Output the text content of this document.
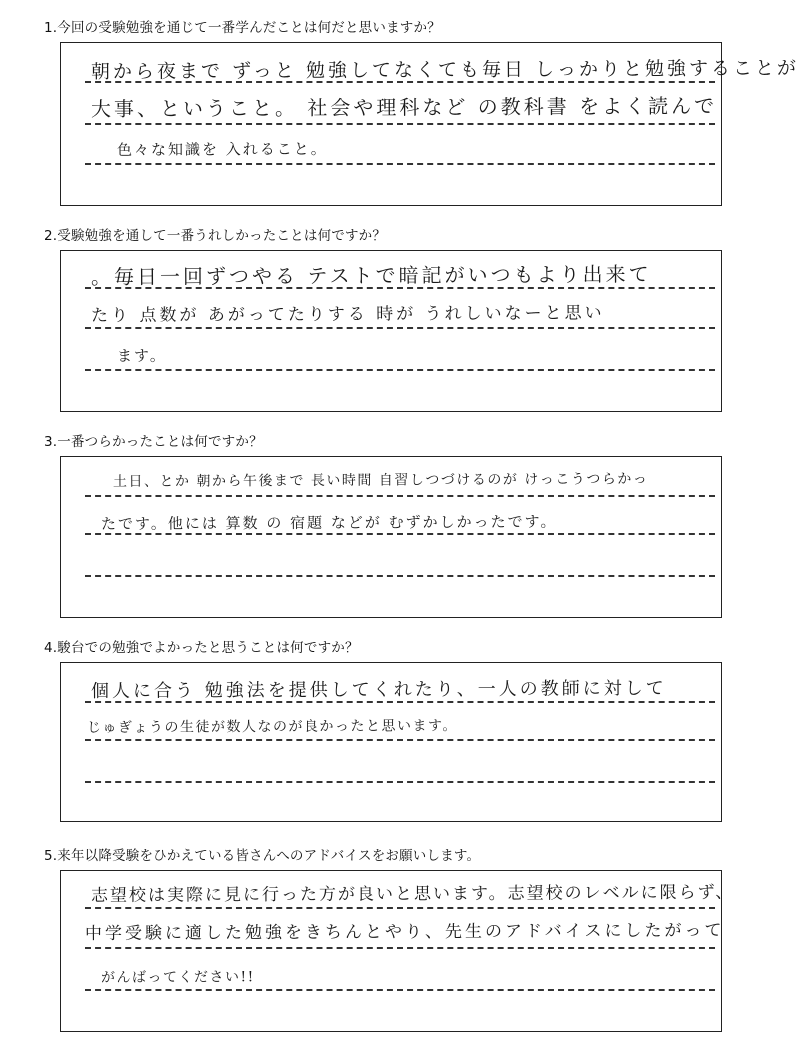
1.今回の受験勉強を通じて一番学んだことは何だと思いますか？
朝から夜まで ずっと 勉強してなくても毎日 しっかりと勉強することが
大事、ということ。 社会や理科など の教科書 をよく読んで
色々な知識を 入れること。
2.受験勉強を通して一番うれしかったことは何ですか？
。毎日一回ずつやる テストで暗記がいつもより出来て
たり 点数が あがってたりする 時が うれしいなーと思い
ます。
3.一番つらかったことは何ですか？
土日、とか 朝から午後まで 長い時間 自習しつづけるのが けっこうつらかっ
たです。他には 算数 の 宿題 などが むずかしかったです。
4.駿台での勉強でよかったと思うことは何ですか？
個人に合う 勉強法を提供してくれたり、一人の教師に対して
じゅぎょうの生徒が数人なのが良かったと思います。
5.来年以降受験をひかえている皆さんへのアドバイスをお願いします。
志望校は実際に見に行った方が良いと思います。志望校のレベルに限らず、
中学受験に適した勉強をきちんとやり、先生のアドバイスにしたがって
がんばってください!!
